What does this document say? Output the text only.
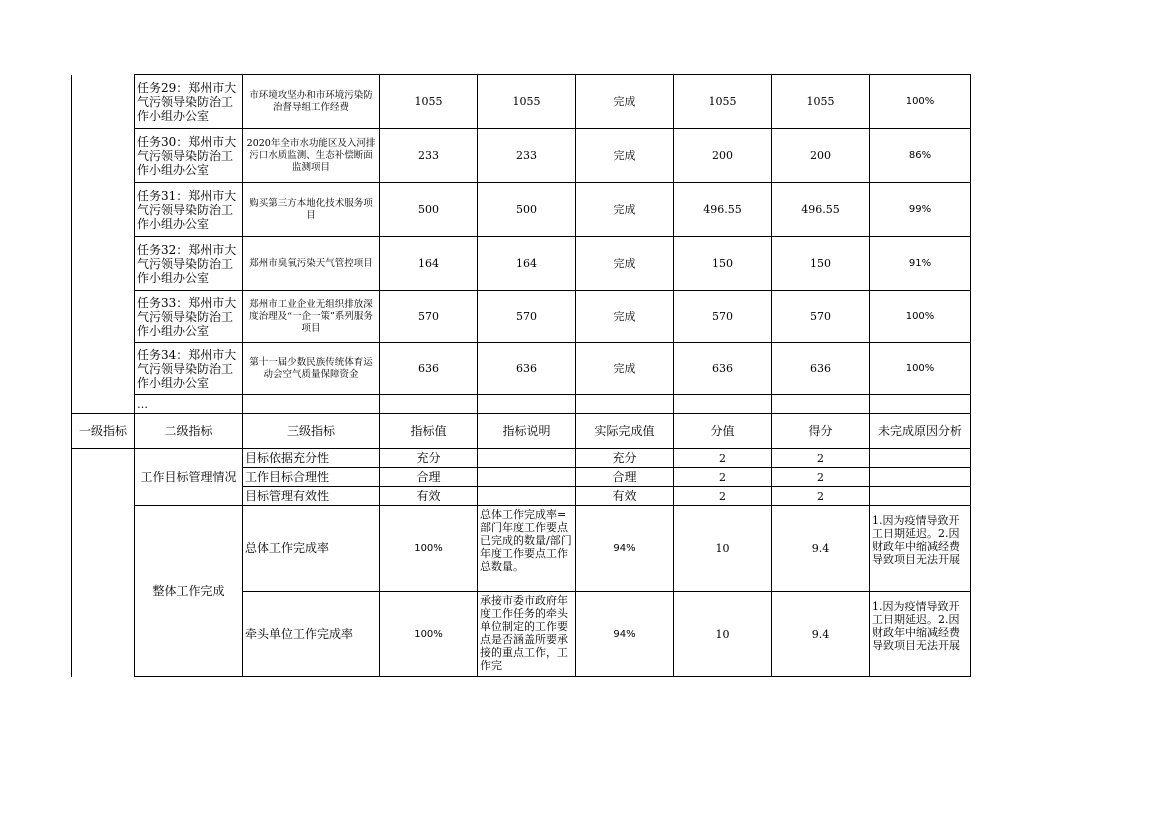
	任务29：郑州市大气污领导染防治工作小组办公室	市环境攻坚办和市环境污染防治督导组工作经费	1055	1055	完成	1055	1055	100%
	任务30：郑州市大气污领导染防治工作小组办公室	2020年全市水功能区及入河排污口水质监测、生态补偿断面监测项目	233	233	完成	200	200	86%
	任务31：郑州市大气污领导染防治工作小组办公室	购买第三方本地化技术服务项目	500	500	完成	496.55	496.55	99%
	任务32：郑州市大气污领导染防治工作小组办公室	郑州市臭氧污染天气管控项目	164	164	完成	150	150	91%
	任务33：郑州市大气污领导染防治工作小组办公室	郑州市工业企业无组织排放深度治理及“一企一策”系列服务项目	570	570	完成	570	570	100%
	任务34：郑州市大气污领导染防治工作小组办公室	第十一届少数民族传统体育运动会空气质量保障资金	636	636	完成	636	636	100%
	…							
一级指标	二级指标	三级指标	指标值	指标说明	实际完成值	分值	得分	未完成原因分析
	工作目标管理情况	目标依据充分性	充分		充分	2	2	
		工作目标合理性	合理		合理	2	2	
		目标管理有效性	有效		有效	2	2	
	整体工作完成	总体工作完成率	100%	总体工作完成率=部门年度工作要点已完成的数量/部门年度工作要点工作总数量。	94%	10	9.4	1.因为疫情导致开工日期延迟。2.因财政年中缩减经费导致项目无法开展
		牵头单位工作完成率	100%	承接市委市政府年度工作任务的牵头单位制定的工作要点是否涵盖所要承接的重点工作，工作完	94%	10	9.4	1.因为疫情导致开工日期延迟。2.因财政年中缩减经费导致项目无法开展
